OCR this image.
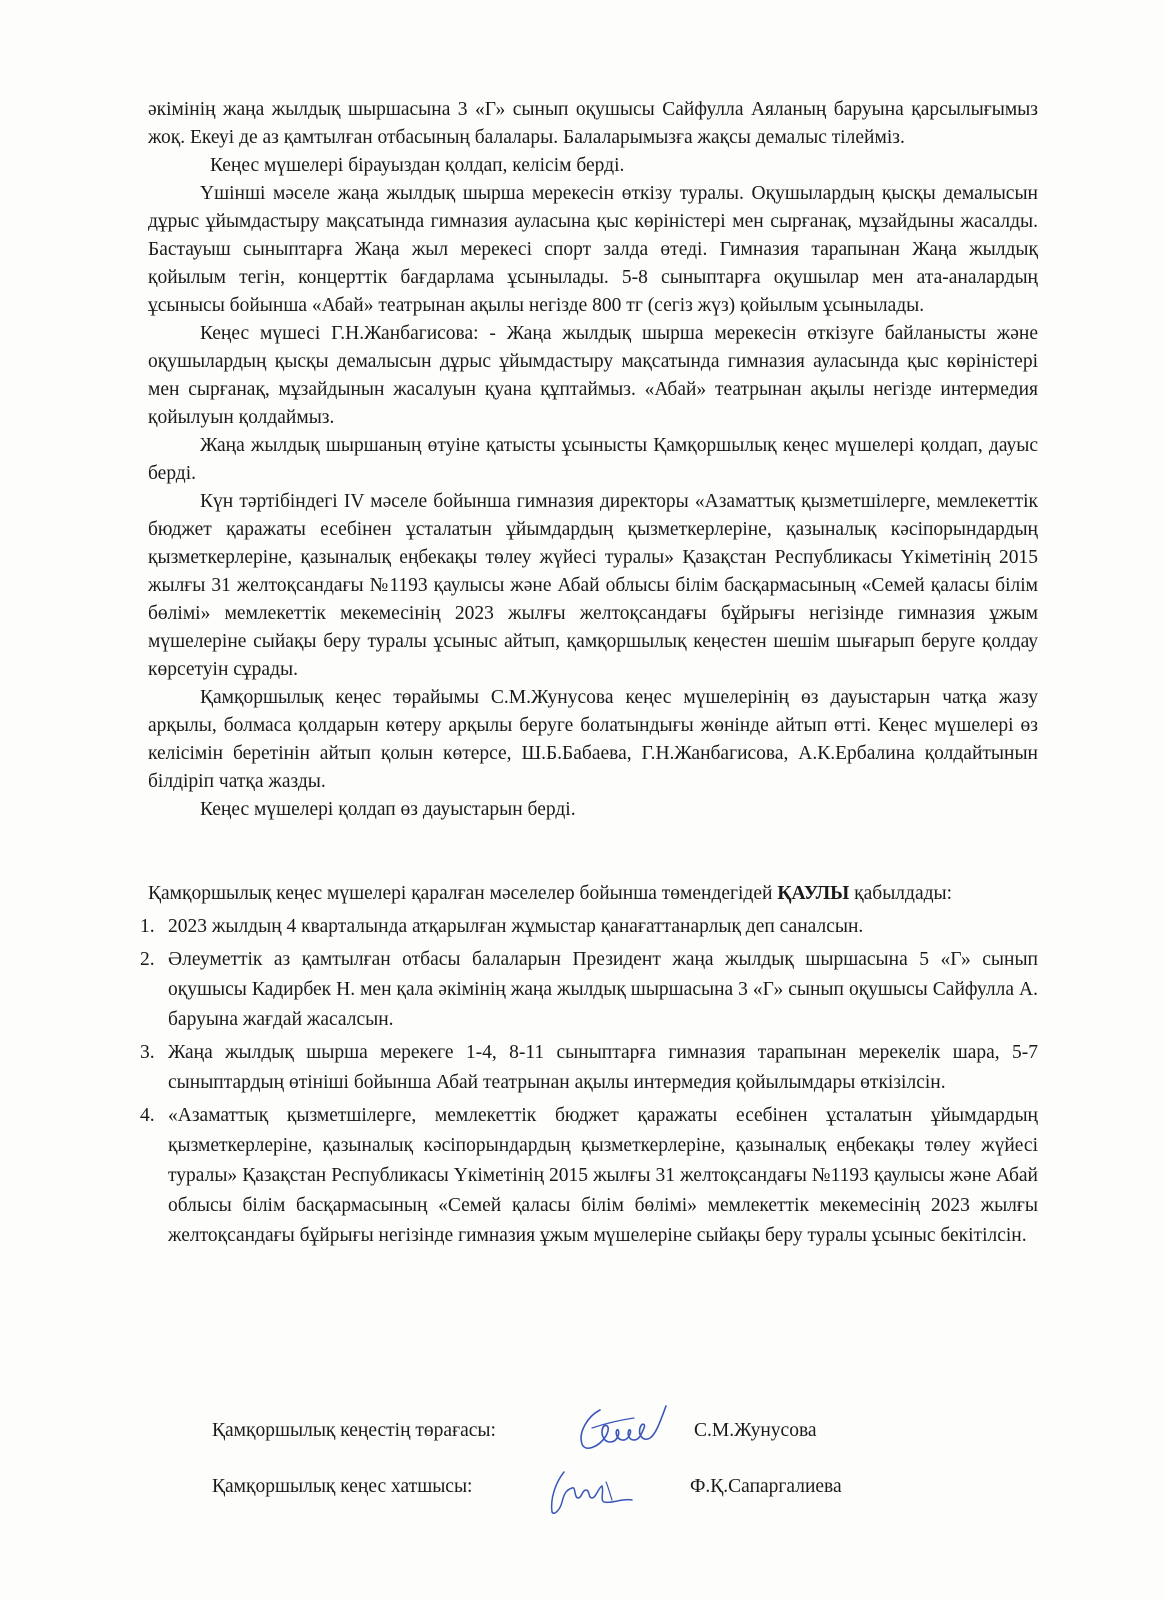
әкімінің жаңа жылдық шыршасына 3 «Г» сынып оқушысы Сайфулла Аяланың баруына қарсылығымыз жоқ. Екеуі де аз қамтылған отбасының балалары. Балаларымызға жақсы демалыс тілейміз.

Кеңес мүшелері бірауыздан қолдап, келісім берді.

Үшінші мәселе жаңа жылдық шырша мерекесін өткізу туралы. Оқушылардың қысқы демалысын дұрыс ұйымдастыру мақсатында гимназия ауласына қыс көріністері мен сырғанақ, мұзайдыны жасалды. Бастауыш сыныптарға Жаңа жыл мерекесі спорт залда өтеді. Гимназия тарапынан Жаңа жылдық қойылым тегін, концерттік бағдарлама ұсынылады. 5-8 сыныптарға оқушылар мен ата-аналардың ұсынысы бойынша «Абай» театрынан ақылы негізде 800 тг (сегіз жүз) қойылым ұсынылады.

Кеңес мүшесі Г.Н.Жанбагисова: - Жаңа жылдық шырша мерекесін өткізуге байланысты және оқушылардың қысқы демалысын дұрыс ұйымдастыру мақсатында гимназия ауласында қыс көріністері мен сырғанақ, мұзайдынын жасалуын қуана құптаймыз. «Абай» театрынан ақылы негізде интермедия қойылуын қолдаймыз.

Жаңа жылдық шыршаның өтуіне қатысты ұсынысты Қамқоршылық кеңес мүшелері қолдап, дауыс берді.

Күн тәртібіндегі IV мәселе бойынша гимназия директоры «Азаматтық қызметшілерге, мемлекеттік бюджет қаражаты есебінен ұсталатын ұйымдардың қызметкерлеріне, қазыналық кәсіпорындардың қызметкерлеріне, қазыналық еңбекақы төлеу жүйесі туралы» Қазақстан Республикасы Үкіметінің 2015 жылғы 31 желтоқсандағы №1193 қаулысы және Абай облысы білім басқармасының «Семей қаласы білім бөлімі» мемлекеттік мекемесінің 2023 жылғы желтоқсандағы бұйрығы негізінде гимназия ұжым мүшелеріне сыйақы беру туралы ұсыныс айтып, қамқоршылық кеңестен шешім шығарып беруге қолдау көрсетуін сұрады.

Қамқоршылық кеңес төрайымы С.М.Жунусова кеңес мүшелерінің өз дауыстарын чатқа жазу арқылы, болмаса қолдарын көтеру арқылы беруге болатындығы жөнінде айтып өтті. Кеңес мүшелері өз келісімін беретінін айтып қолын көтерсе, Ш.Б.Бабаева, Г.Н.Жанбагисова, А.К.Ербалина қолдайтынын білдіріп чатқа жазды.

Кеңес мүшелері қолдап өз дауыстарын берді.

Қамқоршылық кеңес мүшелері қаралған мәселелер бойынша төмендегідей ҚАУЛЫ қабылдады:

1. 2023 жылдың 4 кварталында атқарылған жұмыстар қанағаттанарлық деп саналсын.
2. Әлеуметтік аз қамтылған отбасы балаларын Президент жаңа жылдық шыршасына 5 «Г» сынып оқушысы Кадирбек Н. мен қала әкімінің жаңа жылдық шыршасына 3 «Г» сынып оқушысы Сайфулла А. баруына жағдай жасалсын.
3. Жаңа жылдық шырша мерекеге 1-4, 8-11 сыныптарға гимназия тарапынан мерекелік шара, 5-7 сыныптардың өтініші бойынша Абай театрынан ақылы интермедия қойылымдары өткізілсін.
4. «Азаматтық қызметшілерге, мемлекеттік бюджет қаражаты есебінен ұсталатын ұйымдардың қызметкерлеріне, қазыналық кәсіпорындардың қызметкерлеріне, қазыналық еңбекақы төлеу жүйесі туралы» Қазақстан Республикасы Үкіметінің 2015 жылғы 31 желтоқсандағы №1193 қаулысы және Абай облысы білім басқармасының «Семей қаласы білім бөлімі» мемлекеттік мекемесінің 2023 жылғы желтоқсандағы бұйрығы негізінде гимназия ұжым мүшелеріне сыйақы беру туралы ұсыныс бекітілсін.
Қамқоршылық кеңестің төрағасы:	С.М.Жунусова
Қамқоршылық кеңес хатшысы:	Ф.Қ.Сапаргалиева
